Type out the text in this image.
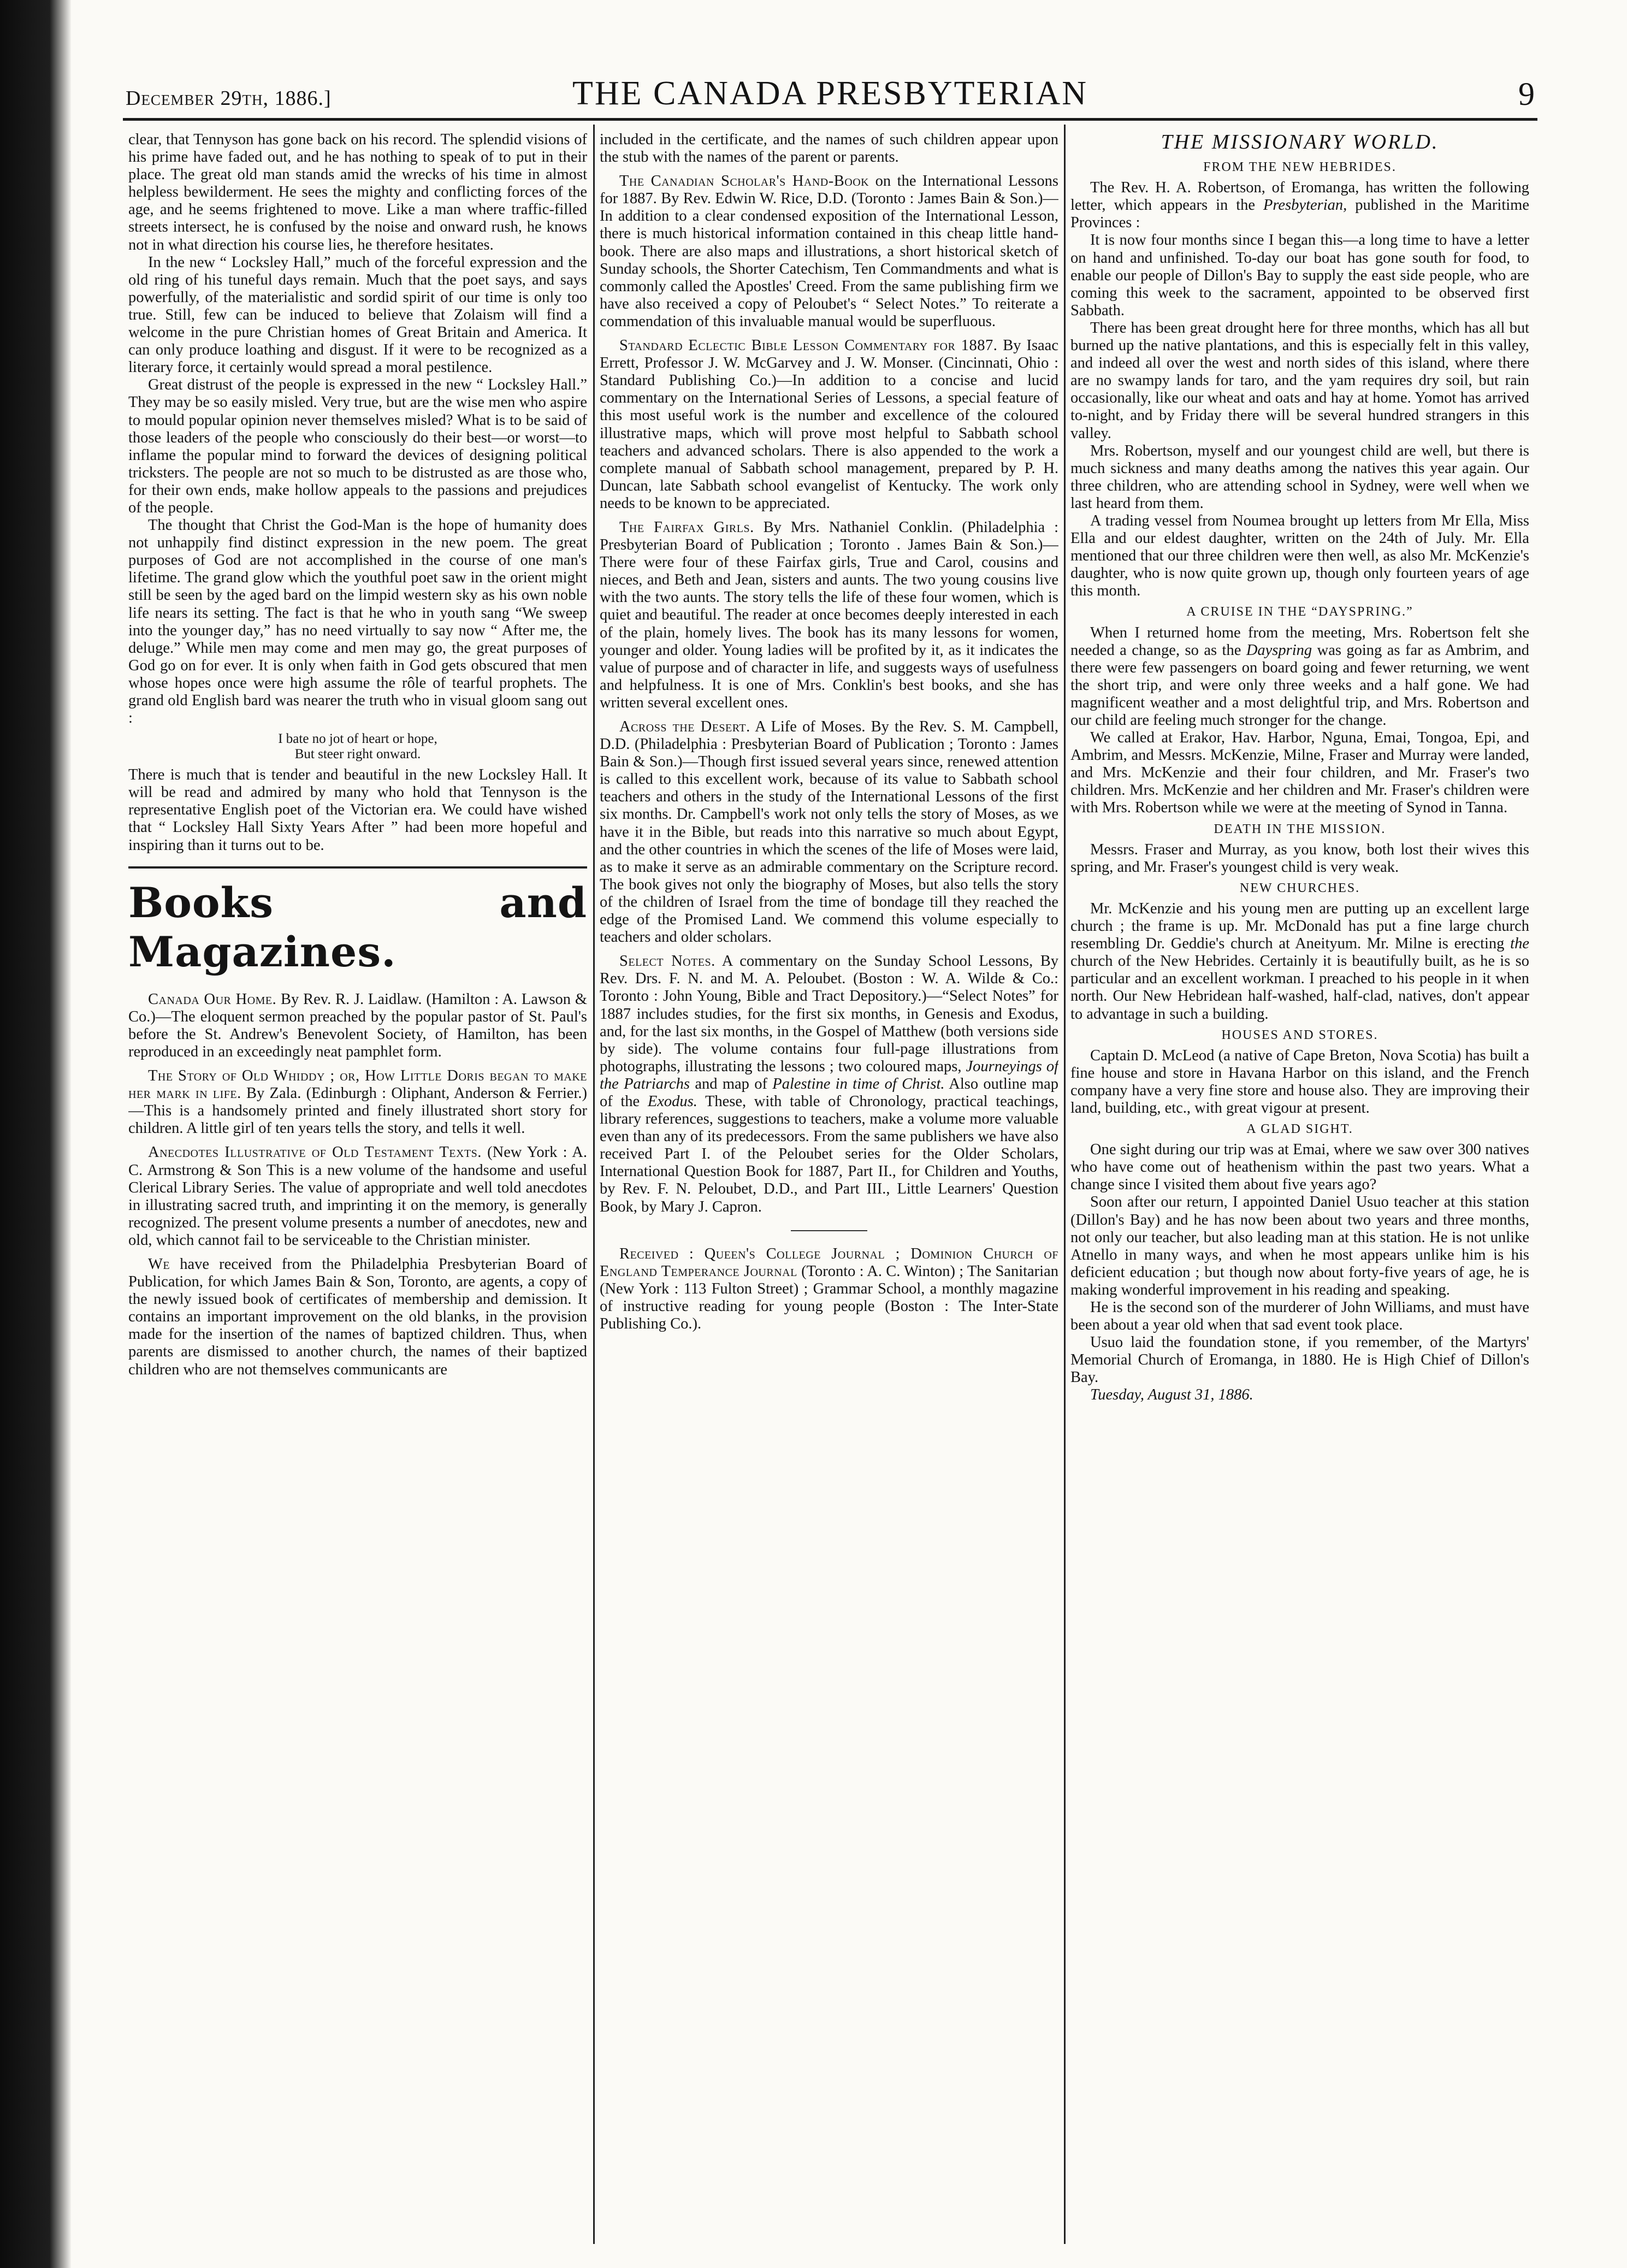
December 29th, 1886.]	THE CANADA PRESBYTERIAN	9

clear, that Tennyson has gone back on his record. The splendid visions of his prime have faded out, and he has nothing to speak of to put in their place. The great old man stands amid the wrecks of his time in almost helpless bewilderment. He sees the mighty and conflicting forces of the age, and he seems frightened to move. Like a man where traffic-filled streets intersect, he is confused by the noise and onward rush, he knows not in what direction his course lies, he therefore hesitates.

In the new “ Locksley Hall,” much of the forceful expression and the old ring of his tuneful days remain. Much that the poet says, and says powerfully, of the materialistic and sordid spirit of our time is only too true. Still, few can be induced to believe that Zolaism will find a welcome in the pure Christian homes of Great Britain and America. It can only produce loathing and disgust. If it were to be recognized as a literary force, it certainly would spread a moral pestilence.

Great distrust of the people is expressed in the new “ Locksley Hall.” They may be so easily misled. Very true, but are the wise men who aspire to mould popular opinion never themselves misled? What is to be said of those leaders of the people who consciously do their best—or worst—to inflame the popular mind to forward the devices of designing political tricksters. The people are not so much to be distrusted as are those who, for their own ends, make hollow appeals to the passions and prejudices of the people.

The thought that Christ the God-Man is the hope of humanity does not unhappily find distinct expression in the new poem. The great purposes of God are not accomplished in the course of one man's lifetime. The grand glow which the youthful poet saw in the orient might still be seen by the aged bard on the limpid western sky as his own noble life nears its setting. The fact is that he who in youth sang “We sweep into the younger day,” has no need virtually to say now “ After me, the deluge.” While men may come and men may go, the great purposes of God go on for ever. It is only when faith in God gets obscured that men whose hopes once were high assume the rôle of tearful prophets. The grand old English bard was nearer the truth who in visual gloom sang out :

I bate no jot of heart or hope,
But steer right onward.

There is much that is tender and beautiful in the new Locksley Hall. It will be read and admired by many who hold that Tennyson is the representative English poet of the Victorian era. We could have wished that “ Locksley Hall Sixty Years After ” had been more hopeful and inspiring than it turns out to be.

Books and Magazines.

Canada Our Home. By Rev. R. J. Laidlaw. (Hamilton : A. Lawson & Co.)—The eloquent sermon preached by the popular pastor of St. Paul's before the St. Andrew's Benevolent Society, of Hamilton, has been reproduced in an exceedingly neat pamphlet form.

The Story of Old Whiddy ; or, How Little Doris began to make her mark in life. By Zala. (Edinburgh : Oliphant, Anderson & Ferrier.)—This is a handsomely printed and finely illustrated short story for children. A little girl of ten years tells the story, and tells it well.

Anecdotes Illustrative of Old Testament Texts. (New York : A. C. Armstrong & Son This is a new volume of the handsome and useful Clerical Library Series. The value of appropriate and well told anecdotes in illustrating sacred truth, and imprinting it on the memory, is generally recognized. The present volume presents a number of anecdotes, new and old, which cannot fail to be serviceable to the Christian minister.

We have received from the Philadelphia Presbyterian Board of Publication, for which James Bain & Son, Toronto, are agents, a copy of the newly issued book of certificates of membership and demission. It contains an important improvement on the old blanks, in the provision made for the insertion of the names of baptized children. Thus, when parents are dismissed to another church, the names of their baptized children who are not themselves communicants are

included in the certificate, and the names of such children appear upon the stub with the names of the parent or parents.

The Canadian Scholar's Hand-Book on the International Lessons for 1887. By Rev. Edwin W. Rice, D.D. (Toronto : James Bain & Son.)—In addition to a clear condensed exposition of the International Lesson, there is much historical information contained in this cheap little hand-book. There are also maps and illustrations, a short historical sketch of Sunday schools, the Shorter Catechism, Ten Commandments and what is commonly called the Apostles' Creed. From the same publishing firm we have also received a copy of Peloubet's “ Select Notes.” To reiterate a commendation of this invaluable manual would be superfluous.

Standard Eclectic Bible Lesson Commentary for 1887. By Isaac Errett, Professor J. W. McGarvey and J. W. Monser. (Cincinnati, Ohio : Standard Publishing Co.)—In addition to a concise and lucid commentary on the International Series of Lessons, a special feature of this most useful work is the number and excellence of the coloured illustrative maps, which will prove most helpful to Sabbath school teachers and advanced scholars. There is also appended to the work a complete manual of Sabbath school management, prepared by P. H. Duncan, late Sabbath school evangelist of Kentucky. The work only needs to be known to be appreciated.

The Fairfax Girls. By Mrs. Nathaniel Conklin. (Philadelphia : Presbyterian Board of Publication ; Toronto . James Bain & Son.)—There were four of these Fairfax girls, True and Carol, cousins and nieces, and Beth and Jean, sisters and aunts. The two young cousins live with the two aunts. The story tells the life of these four women, which is quiet and beautiful. The reader at once becomes deeply interested in each of the plain, homely lives. The book has its many lessons for women, younger and older. Young ladies will be profited by it, as it indicates the value of purpose and of character in life, and suggests ways of usefulness and helpfulness. It is one of Mrs. Conklin's best books, and she has written several excellent ones.

Across the Desert. A Life of Moses. By the Rev. S. M. Campbell, D.D. (Philadelphia : Presbyterian Board of Publication ; Toronto : James Bain & Son.)—Though first issued several years since, renewed attention is called to this excellent work, because of its value to Sabbath school teachers and others in the study of the International Lessons of the first six months. Dr. Campbell's work not only tells the story of Moses, as we have it in the Bible, but reads into this narrative so much about Egypt, and the other countries in which the scenes of the life of Moses were laid, as to make it serve as an admirable commentary on the Scripture record. The book gives not only the biography of Moses, but also tells the story of the children of Israel from the time of bondage till they reached the edge of the Promised Land. We commend this volume especially to teachers and older scholars.

Select Notes. A commentary on the Sunday School Lessons, By Rev. Drs. F. N. and M. A. Peloubet. (Boston : W. A. Wilde & Co.: Toronto : John Young, Bible and Tract Depository.)—“Select Notes” for 1887 includes studies, for the first six months, in Genesis and Exodus, and, for the last six months, in the Gospel of Matthew (both versions side by side). The volume contains four full-page illustrations from photographs, illustrating the lessons ; two coloured maps, Journeyings of the Patriarchs and map of Palestine in time of Christ. Also outline map of the Exodus. These, with table of Chronology, practical teachings, library references, suggestions to teachers, make a volume more valuable even than any of its predecessors. From the same publishers we have also received Part I. of the Peloubet series for the Older Scholars, International Question Book for 1887, Part II., for Children and Youths, by Rev. F. N. Peloubet, D.D., and Part III., Little Learners' Question Book, by Mary J. Capron.

Received : Queen's College Journal ; Dominion Church of England Temperance Journal (Toronto : A. C. Winton) ; The Sanitarian (New York : 113 Fulton Street) ; Grammar School, a monthly magazine of instructive reading for young people (Boston : The Inter-State Publishing Co.).

THE MISSIONARY WORLD.
FROM THE NEW HEBRIDES.

The Rev. H. A. Robertson, of Eromanga, has written the following letter, which appears in the Presbyterian, published in the Maritime Provinces :

It is now four months since I began this—a long time to have a letter on hand and unfinished. To-day our boat has gone south for food, to enable our people of Dillon's Bay to supply the east side people, who are coming this week to the sacrament, appointed to be observed first Sabbath.

There has been great drought here for three months, which has all but burned up the native plantations, and this is especially felt in this valley, and indeed all over the west and north sides of this island, where there are no swampy lands for taro, and the yam requires dry soil, but rain occasionally, like our wheat and oats and hay at home. Yomot has arrived to-night, and by Friday there will be several hundred strangers in this valley.

Mrs. Robertson, myself and our youngest child are well, but there is much sickness and many deaths among the natives this year again. Our three children, who are attending school in Sydney, were well when we last heard from them.

A trading vessel from Noumea brought up letters from Mr Ella, Miss Ella and our eldest daughter, written on the 24th of July. Mr. Ella mentioned that our three children were then well, as also Mr. McKenzie's daughter, who is now quite grown up, though only fourteen years of age this month.

A CRUISE IN THE “DAYSPRING.”

When I returned home from the meeting, Mrs. Robertson felt she needed a change, so as the Dayspring was going as far as Ambrim, and there were few passengers on board going and fewer returning, we went the short trip, and were only three weeks and a half gone. We had magnificent weather and a most delightful trip, and Mrs. Robertson and our child are feeling much stronger for the change.

We called at Erakor, Hav. Harbor, Nguna, Emai, Tongoa, Epi, and Ambrim, and Messrs. McKenzie, Milne, Fraser and Murray were landed, and Mrs. McKenzie and their four children, and Mr. Fraser's two children. Mrs. McKenzie and her children and Mr. Fraser's children were with Mrs. Robertson while we were at the meeting of Synod in Tanna.

DEATH IN THE MISSION.

Messrs. Fraser and Murray, as you know, both lost their wives this spring, and Mr. Fraser's youngest child is very weak.

NEW CHURCHES.

Mr. McKenzie and his young men are putting up an excellent large church ; the frame is up. Mr. McDonald has put a fine large church resembling Dr. Geddie's church at Aneityum. Mr. Milne is erecting the church of the New Hebrides. Certainly it is beautifully built, as he is so particular and an excellent workman. I preached to his people in it when north. Our New Hebridean half-washed, half-clad, natives, don't appear to advantage in such a building.

HOUSES AND STORES.

Captain D. McLeod (a native of Cape Breton, Nova Scotia) has built a fine house and store in Havana Harbor on this island, and the French company have a very fine store and house also. They are improving their land, building, etc., with great vigour at present.

A GLAD SIGHT.

One sight during our trip was at Emai, where we saw over 300 natives who have come out of heathenism within the past two years. What a change since I visited them about five years ago?

Soon after our return, I appointed Daniel Usuo teacher at this station (Dillon's Bay) and he has now been about two years and three months, not only our teacher, but also leading man at this station. He is not unlike Atnello in many ways, and when he most appears unlike him is his deficient education ; but though now about forty-five years of age, he is making wonderful improvement in his reading and speaking.

He is the second son of the murderer of John Williams, and must have been about a year old when that sad event took place.

Usuo laid the foundation stone, if you remember, of the Martyrs' Memorial Church of Eromanga, in 1880. He is High Chief of Dillon's Bay.

Tuesday, August 31, 1886.
